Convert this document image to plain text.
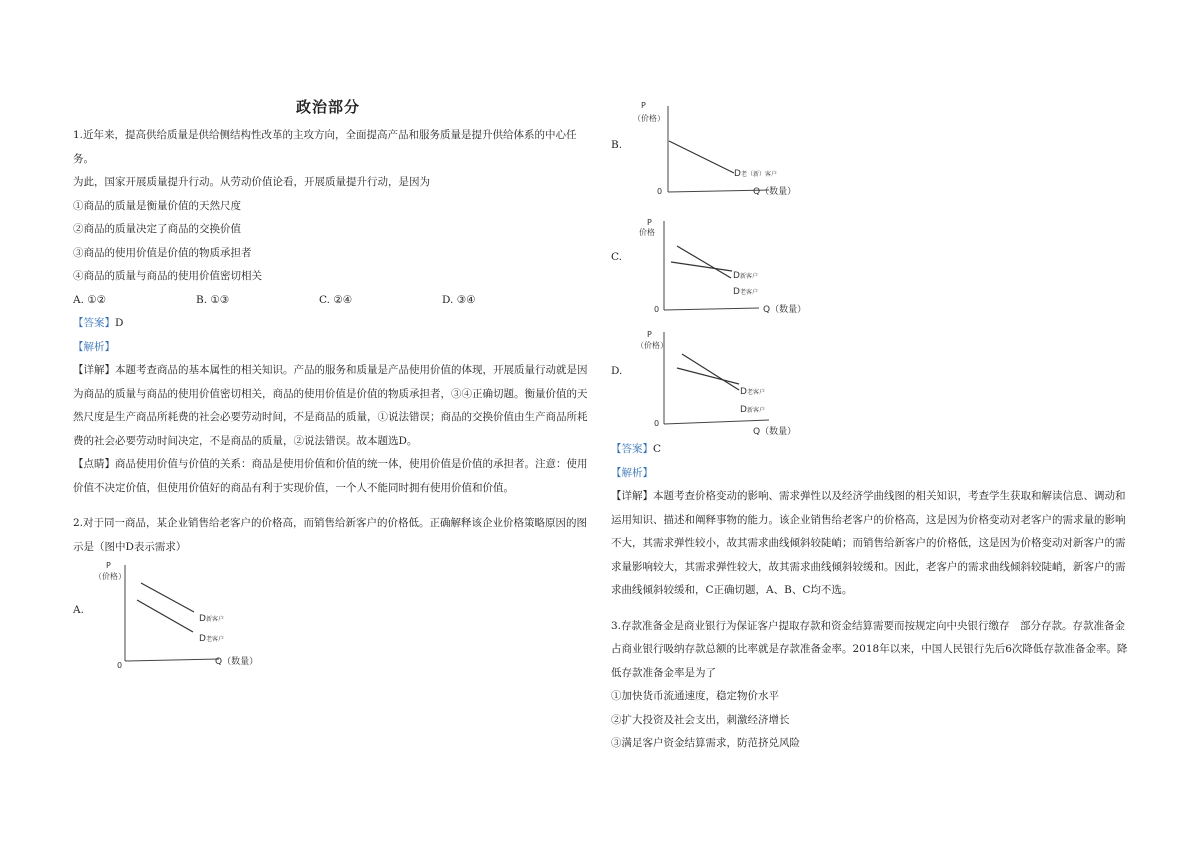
政治部分

1.近年来，提高供给质量是供给侧结构性改革的主攻方向，全面提高产品和服务质量是提升供给体系的中心任务。

为此，国家开展质量提升行动。从劳动价值论看，开展质量提升行动，是因为

①商品的质量是衡量价值的天然尺度

②商品的质量决定了商品的交换价值

③商品的使用价值是价值的物质承担者

④商品的质量与商品的使用价值密切相关

A. ①②	B. ①③	C. ②④	D. ③④

【答案】D

【解析】

【详解】本题考查商品的基本属性的相关知识。产品的服务和质量是产品使用价值的体现，开展质量行动就是因为商品的质量与商品的使用价值密切相关，商品的使用价值是价值的物质承担者，③④正确切题。衡量价值的天然尺度是生产商品所耗费的社会必要劳动时间，不是商品的质量，①说法错误；商品的交换价值由生产商品所耗费的社会必要劳动时间决定，不是商品的质量，②说法错误。故本题选D。

【点睛】商品使用价值与价值的关系：商品是使用价值和价值的统一体，使用价值是价值的承担者。注意：使用价值不决定价值，但使用价值好的商品有利于实现价值，一个人不能同时拥有使用价值和价值。

2.对于同一商品，某企业销售给老客户的价格高，而销售给新客户的价格低。正确解释该企业价格策略原因的图

示是（图中D表示需求）

A.
P
（价格）
0	Q（数量）
D新客户
D老客户
B.
P
（价格）
0	Q（数量）
D老（新）客户
C.
P
价格
0	Q（数量）
D新客户
D老客户
D.
P
（价格）
0
Q（数量）
D老客户
D新客户

【答案】C

【解析】

【详解】本题考查价格变动的影响、需求弹性以及经济学曲线图的相关知识，考查学生获取和解读信息、调动和运用知识、描述和阐释事物的能力。该企业销售给老客户的价格高，这是因为价格变动对老客户的需求量的影响不大，其需求弹性较小，故其需求曲线倾斜较陡峭；而销售给新客户的价格低，这是因为价格变动对新客户的需求量影响较大，其需求弹性较大，故其需求曲线倾斜较缓和。因此，老客户的需求曲线倾斜较陡峭，新客户的需求曲线倾斜较缓和，C正确切题，A、B、C均不选。

3.存款准备金是商业银行为保证客户提取存款和资金结算需要而按规定向中央银行缴存　部分存款。存款准备金占商业银行吸纳存款总额的比率就是存款准备金率。2018年以来，中国人民银行先后6次降低存款准备金率。降低存款准备金率是为了

①加快货币流通速度，稳定物价水平

②扩大投资及社会支出，刺激经济增长

③满足客户资金结算需求，防范挤兑风险
